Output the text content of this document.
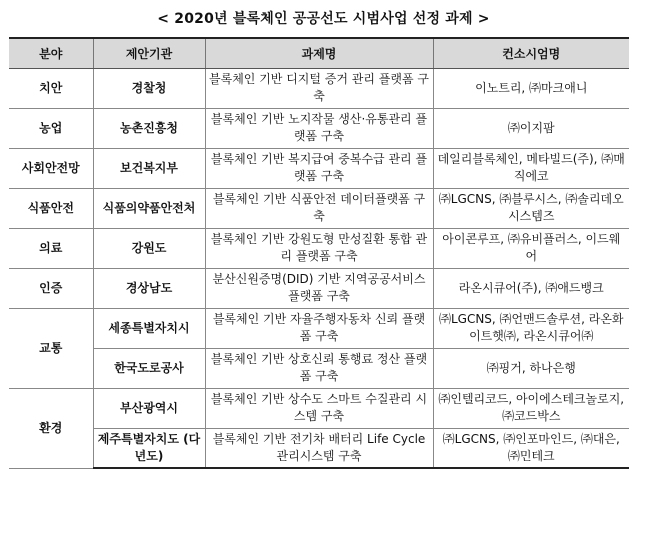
< 2020년 블록체인 공공선도 시범사업 선정 과제 >
분야	제안기관	과제명	컨소시엄명
치안	경찰청	블록체인 기반 디지털 증거 관리 플랫폼 구축	이노트리, ㈜마크애니
농업	농촌진흥청	블록체인 기반 노지작물 생산·유통관리 플랫폼 구축	㈜이지팜
사회안전망	보건복지부	블록체인 기반 복지급여 중복수급 관리 플랫폼 구축	데일리블록체인, 메타빌드(주), ㈜매직에코
식품안전	식품의약품안전처	블록체인 기반 식품안전 데이터플랫폼 구축	㈜LGCNS, ㈜블루시스, ㈜솔리데오시스템즈
의료	강원도	블록체인 기반 강원도형 만성질환 통합 관리 플랫폼 구축	아이콘루프, ㈜유비플러스, 이드웨어
인증	경상남도	분산신원증명(DID) 기반 지역공공서비스 플랫폼 구축	라온시큐어(주), ㈜애드뱅크
교통	세종특별자치시	블록체인 기반 자율주행자동차 신뢰 플랫폼 구축	㈜LGCNS, ㈜언맨드솔루션, 라온화이트햇㈜, 라온시큐어㈜
	한국도로공사	블록체인 기반 상호신뢰 통행료 정산 플랫폼 구축	㈜핑거, 하나은행
환경	부산광역시	블록체인 기반 상수도 스마트 수질관리 시스템 구축	㈜인텔리코드, 아이에스테크놀로지, ㈜코드박스
	제주특별자치도 (다년도)	블록체인 기반 전기차 배터리 Life Cycle 관리시스템 구축	㈜LGCNS, ㈜인포마인드, ㈜대은, ㈜민테크
